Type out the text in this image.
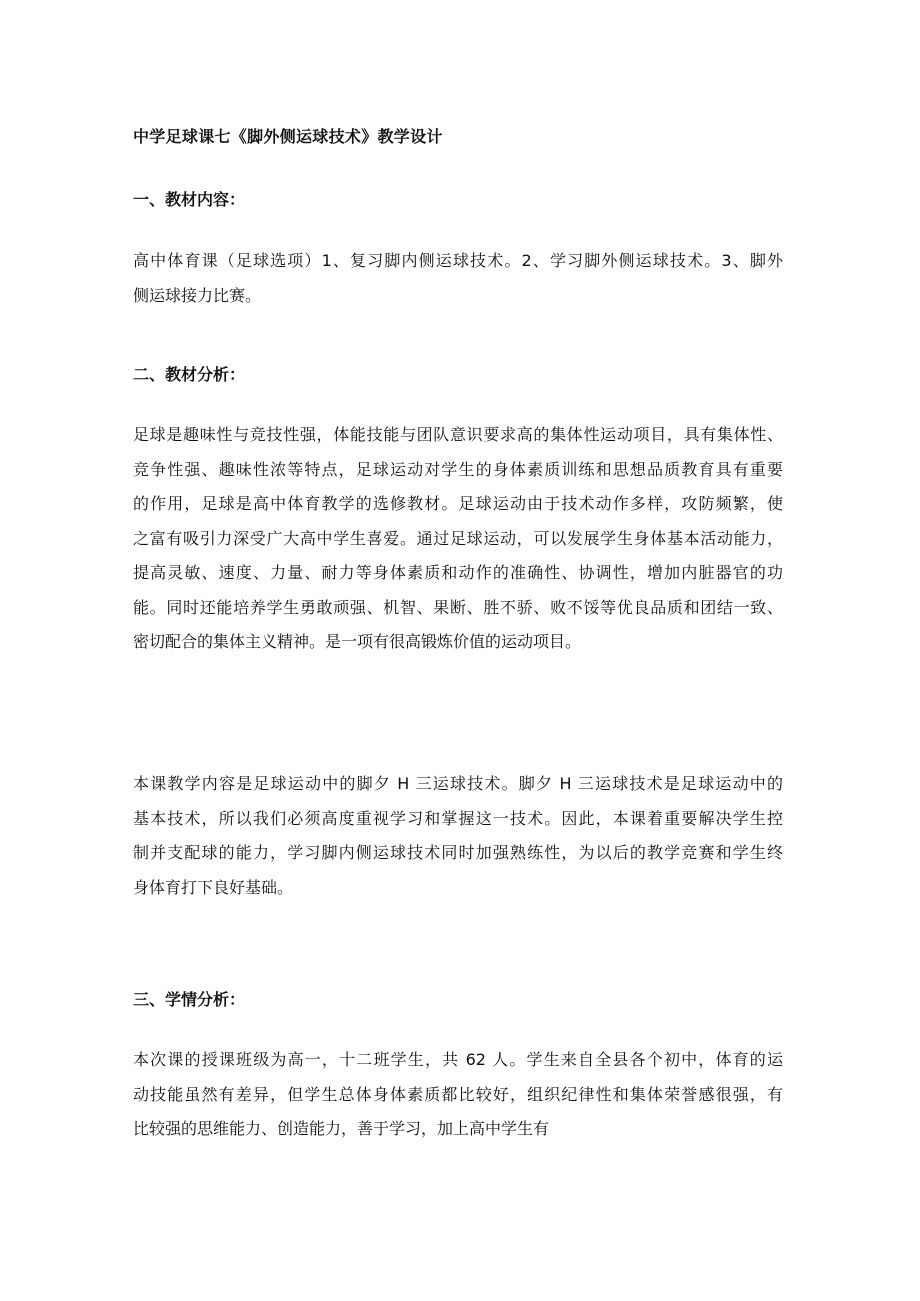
中学足球课七《脚外侧运球技术》教学设计
一、教材内容：
高中体育课（足球选项）1、复习脚内侧运球技术。2、学习脚外侧运球技术。3、脚外
侧运球接力比赛。
二、教材分析：
足球是趣味性与竞技性强，体能技能与团队意识要求高的集体性运动项目，具有集体性、
竞争性强、趣味性浓等特点，足球运动对学生的身体素质训练和思想品质教育具有重要
的作用，足球是高中体育教学的选修教材。足球运动由于技术动作多样，攻防频繁，使
之富有吸引力深受广大高中学生喜爱。通过足球运动，可以发展学生身体基本活动能力，
提高灵敏、速度、力量、耐力等身体素质和动作的准确性、协调性，增加内脏器官的功
能。同时还能培养学生勇敢顽强、机智、果断、胜不骄、败不馁等优良品质和团结一致、
密切配合的集体主义精神。是一项有很高锻炼价值的运动项目。
本课教学内容是足球运动中的脚夕 H 三运球技术。脚夕 H 三运球技术是足球运动中的
基本技术，所以我们必须高度重视学习和掌握这一技术。因此，本课着重要解决学生控
制并支配球的能力，学习脚内侧运球技术同时加强熟练性，为以后的教学竞赛和学生终
身体育打下良好基础。
三、学情分析：
本次课的授课班级为高一，十二班学生，共 62 人。学生来自全县各个初中，体育的运
动技能虽然有差异，但学生总体身体素质都比较好，组织纪律性和集体荣誉感很强，有
比较强的思维能力、创造能力，善于学习，加上高中学生有
